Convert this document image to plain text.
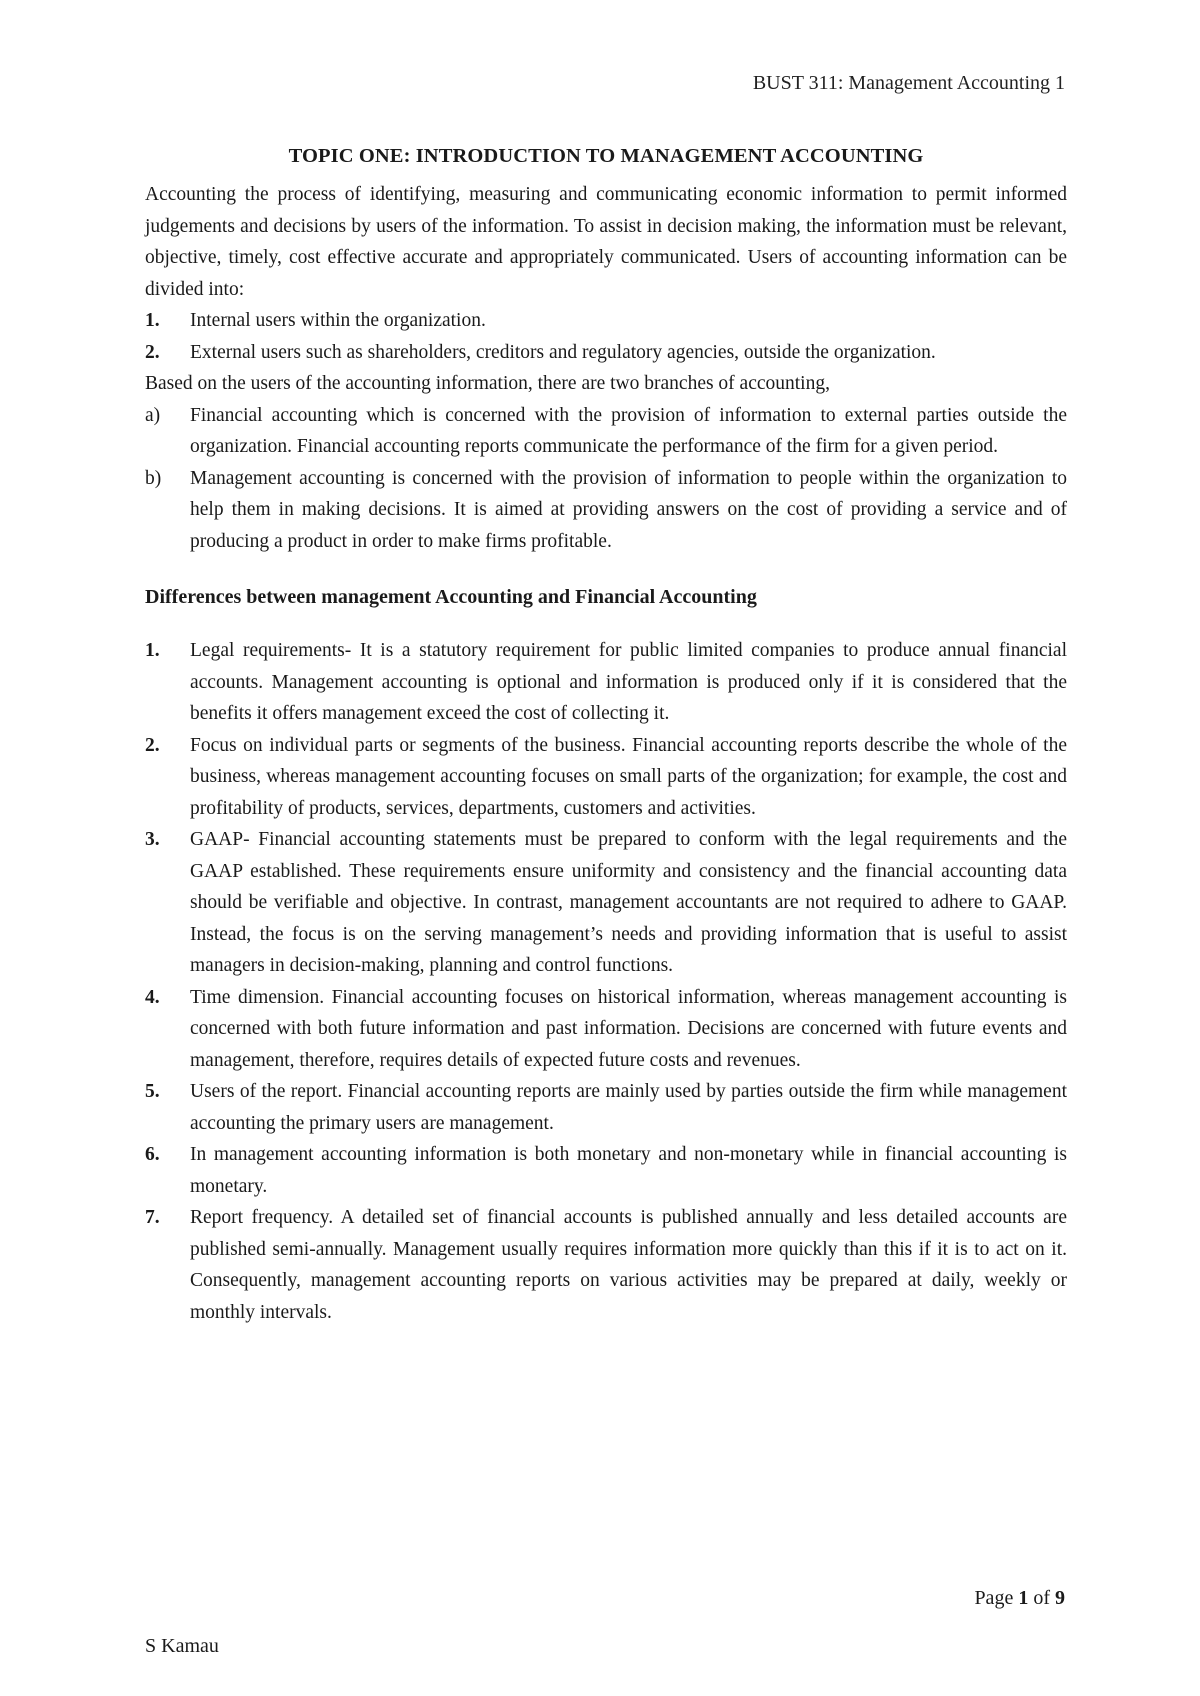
BUST 311: Management Accounting 1
TOPIC ONE: INTRODUCTION TO MANAGEMENT ACCOUNTING

Accounting the process of identifying, measuring and communicating economic information to permit informed judgements and decisions by users of the information. To assist in decision making, the information must be relevant, objective, timely, cost effective accurate and appropriately communicated. Users of accounting information can be divided into:

1. Internal users within the organization.
2. External users such as shareholders, creditors and regulatory agencies, outside the organization.

Based on the users of the accounting information, there are two branches of accounting,

a) Financial accounting which is concerned with the provision of information to external parties outside the organization. Financial accounting reports communicate the performance of the firm for a given period.
b) Management accounting is concerned with the provision of information to people within the organization to help them in making decisions. It is aimed at providing answers on the cost of providing a service and of producing a product in order to make firms profitable.
Differences between management Accounting and Financial Accounting
1. Legal requirements- It is a statutory requirement for public limited companies to produce annual financial accounts. Management accounting is optional and information is produced only if it is considered that the benefits it offers management exceed the cost of collecting it.
2. Focus on individual parts or segments of the business. Financial accounting reports describe the whole of the business, whereas management accounting focuses on small parts of the organization; for example, the cost and profitability of products, services, departments, customers and activities.
3. GAAP- Financial accounting statements must be prepared to conform with the legal requirements and the GAAP established. These requirements ensure uniformity and consistency and the financial accounting data should be verifiable and objective. In contrast, management accountants are not required to adhere to GAAP. Instead, the focus is on the serving management’s needs and providing information that is useful to assist managers in decision-making, planning and control functions.
4. Time dimension. Financial accounting focuses on historical information, whereas management accounting is concerned with both future information and past information. Decisions are concerned with future events and management, therefore, requires details of expected future costs and revenues.
5. Users of the report. Financial accounting reports are mainly used by parties outside the firm while management accounting the primary users are management.
6. In management accounting information is both monetary and non-monetary while in financial accounting is monetary.
7. Report frequency. A detailed set of financial accounts is published annually and less detailed accounts are published semi-annually. Management usually requires information more quickly than this if it is to act on it. Consequently, management accounting reports on various activities may be prepared at daily, weekly or monthly intervals.
Page 1 of 9
S Kamau
